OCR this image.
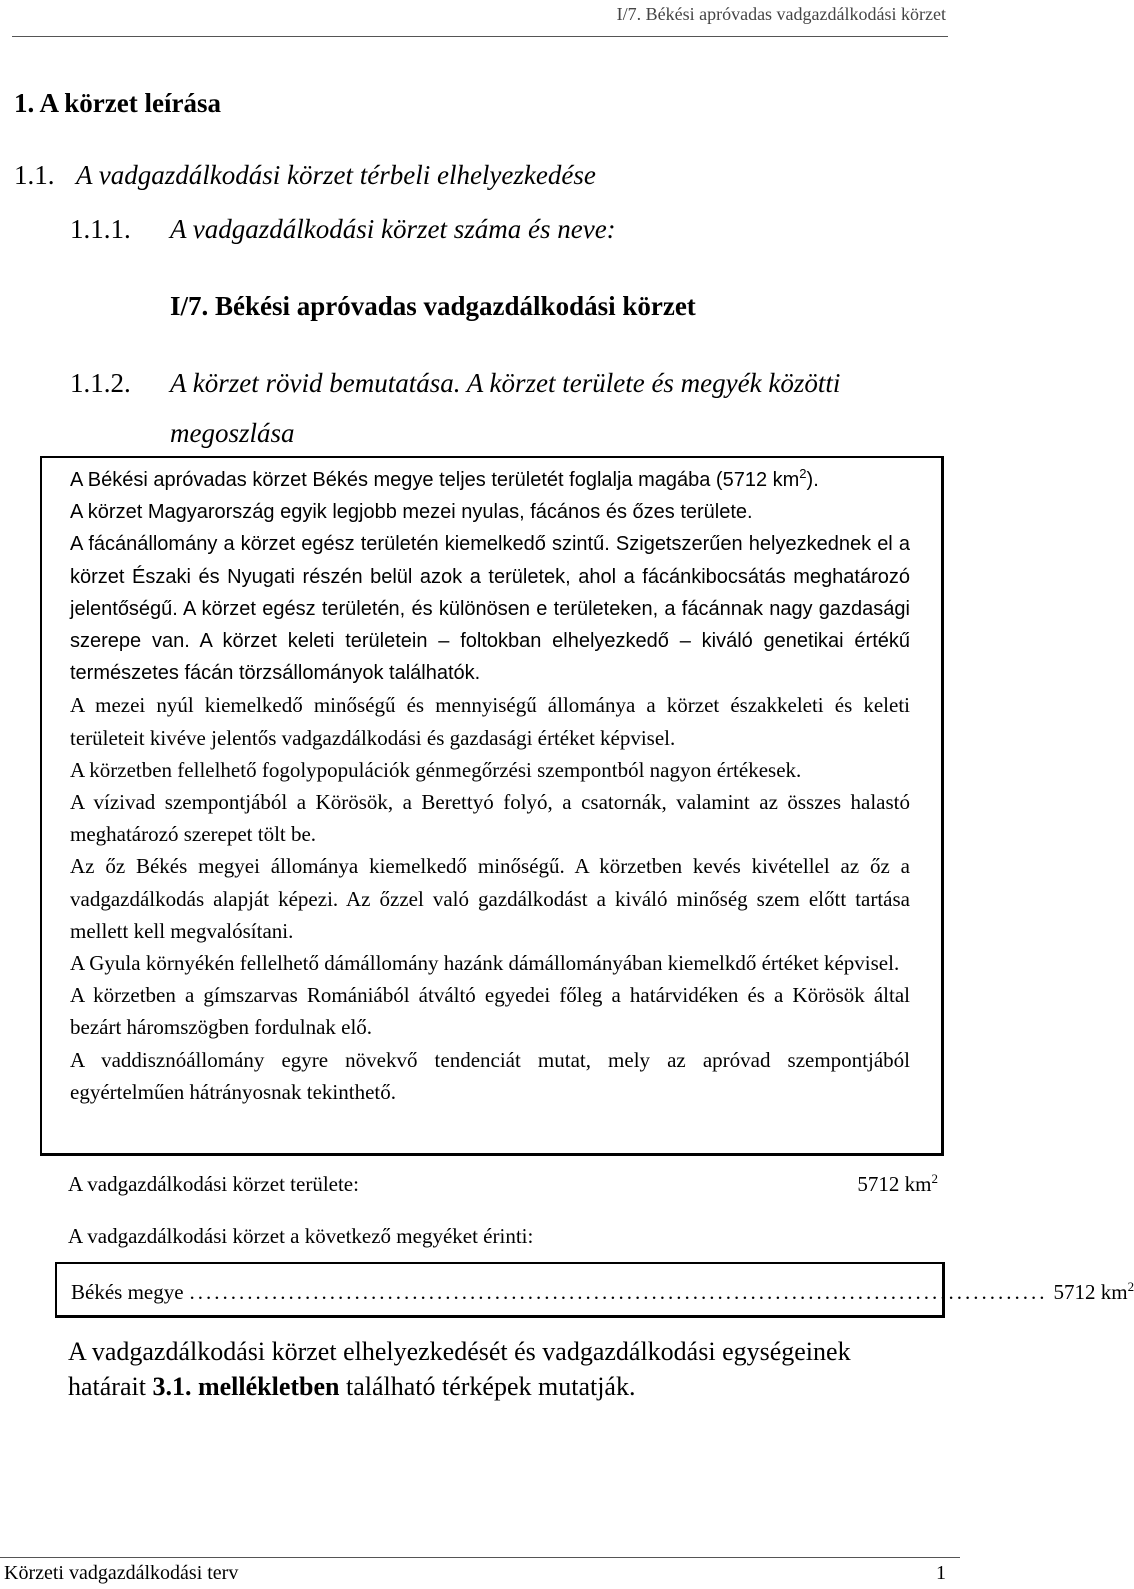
I/7. Békési apróvadas vadgazdálkodási körzet
1. A körzet leírása
1.1. A vadgazdálkodási körzet térbeli elhelyezkedése
1.1.1. A vadgazdálkodási körzet száma és neve:
I/7. Békési apróvadas vadgazdálkodási körzet
1.1.2. A körzet rövid bemutatása. A körzet területe és megyék közötti
megoszlása

A Békési apróvadas körzet Békés megye teljes területét foglalja magába (5712 $km^2$).

A körzet Magyarország egyik legjobb mezei nyulas, fácános és őzes területe.

A fácánállomány a körzet egész területén kiemelkedő szintű. Szigetszerűen helyezkednek el a körzet Északi és Nyugati részén belül azok a területek, ahol a fácánkibocsátás meghatározó jelentőségű. A körzet egész területén, és különösen e területeken, a fácánnak nagy gazdasági szerepe van. A körzet keleti területein – foltokban elhelyezkedő – kiváló genetikai értékű természetes fácán törzsállományok találhatók.

A mezei nyúl kiemelkedő minőségű és mennyiségű állománya a körzet északkeleti és keleti területeit kivéve jelentős vadgazdálkodási és gazdasági értéket képvisel.

A körzetben fellelhető fogolypopulációk génmegőrzési szempontból nagyon értékesek.

A vízivad szempontjából a Körösök, a Berettyó folyó, a csatornák, valamint az összes halastó meghatározó szerepet tölt be.

Az őz Békés megyei állománya kiemelkedő minőségű. A körzetben kevés kivétellel az őz a vadgazdálkodás alapját képezi. Az őzzel való gazdálkodást a kiváló minőség szem előtt tartása mellett kell megvalósítani.

A Gyula környékén fellelhető dámállomány hazánk dámállományában kiemelkdő értéket képvisel.

A körzetben a gímszarvas Romániából átváltó egyedei főleg a határvidéken és a Körösök által bezárt háromszögben fordulnak elő.

A vaddisznóállomány egyre növekvő tendenciát mutat, mely az apróvad szempontjából egyértelműen hátrányosnak tekinthető.

A vadgazdálkodási körzet területe:	5712 $km^2$
A vadgazdálkodási körzet a következő megyéket érinti:
Békés megye ........................................................................................................ 5712 $km^2$
A vadgazdálkodási körzet elhelyezkedését és vadgazdálkodási egységeinek határait 3.1. mellékletben található térképek mutatják.
Körzeti vadgazdálkodási terv	1
